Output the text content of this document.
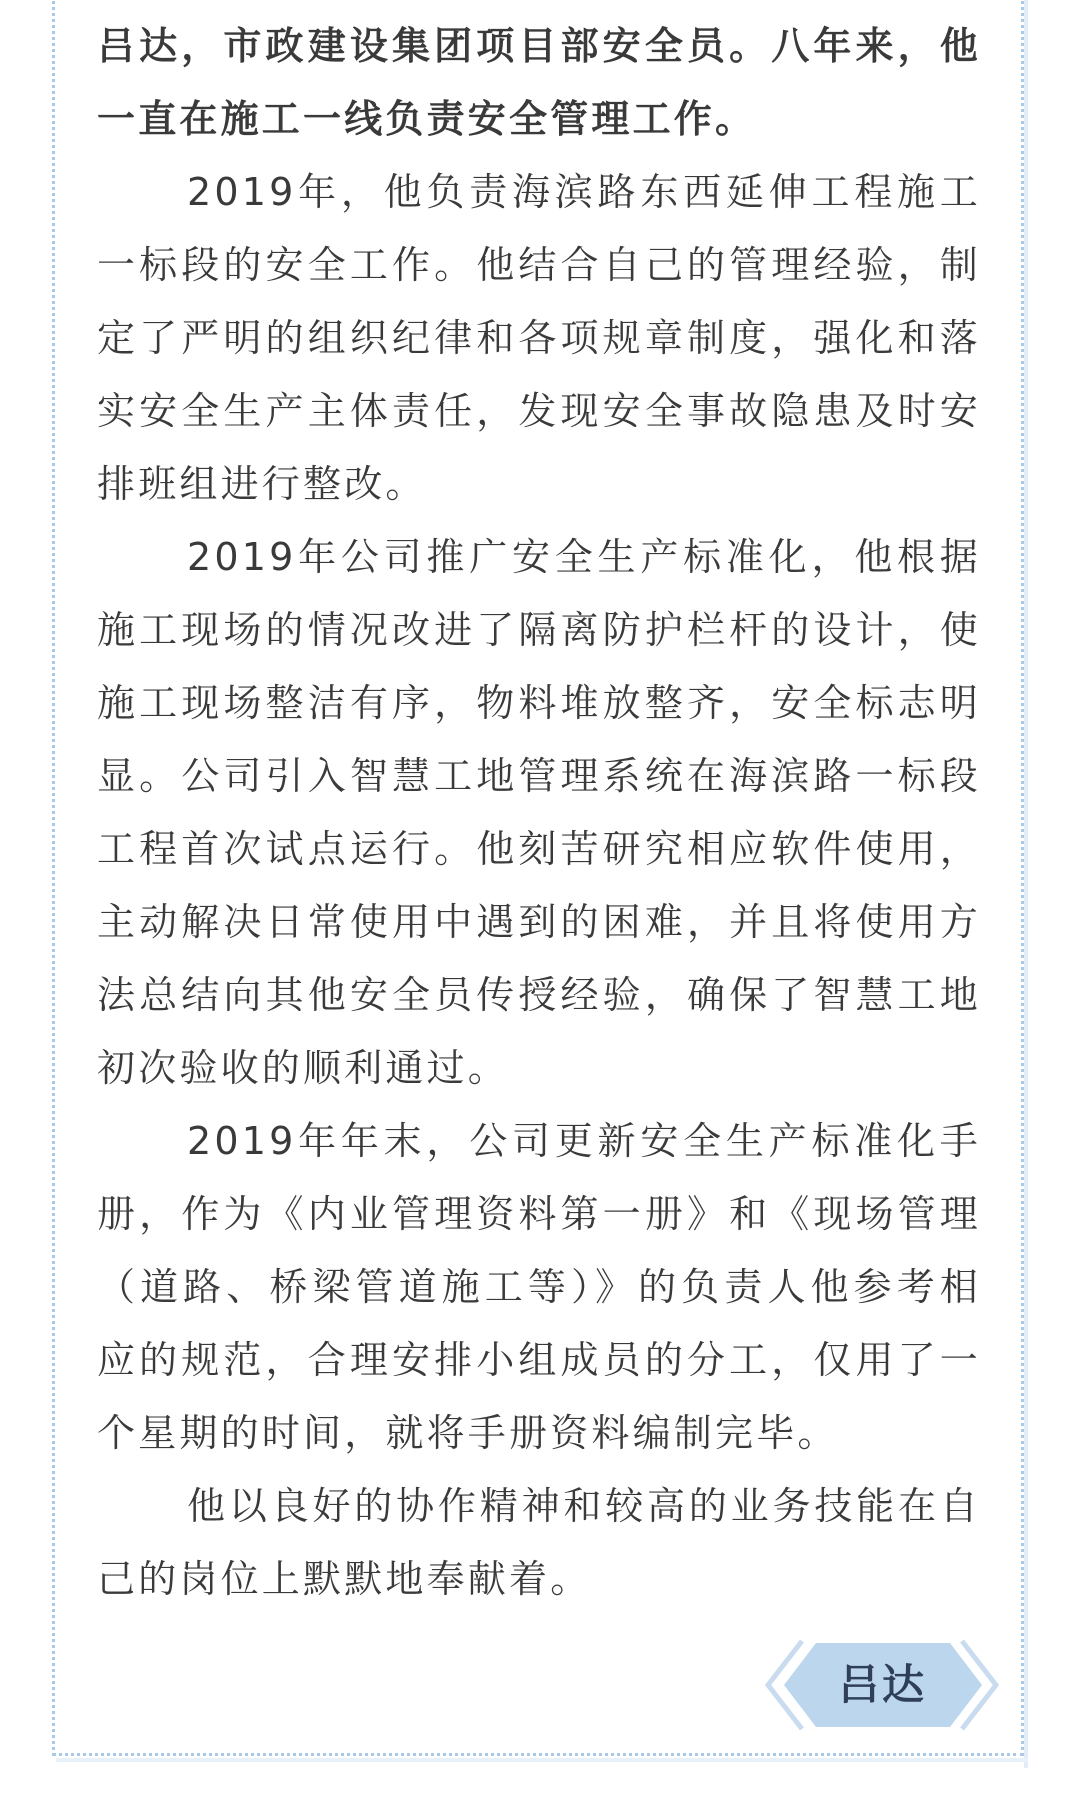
吕达，市政建设集团项目部安全员。八年来，他一直在施工一线负责安全管理工作。

2019年，他负责海滨路东西延伸工程施工一标段的安全工作。他结合自己的管理经验，制定了严明的组织纪律和各项规章制度，强化和落实安全生产主体责任，发现安全事故隐患及时安排班组进行整改。

2019年公司推广安全生产标准化，他根据施工现场的情况改进了隔离防护栏杆的设计，使施工现场整洁有序，物料堆放整齐，安全标志明显。公司引入智慧工地管理系统在海滨路一标段工程首次试点运行。他刻苦研究相应软件使用，主动解决日常使用中遇到的困难，并且将使用方法总结向其他安全员传授经验，确保了智慧工地初次验收的顺利通过。

2019年年末，公司更新安全生产标准化手册，作为《内业管理资料第一册》和《现场管理（道路、桥梁管道施工等）》的负责人他参考相应的规范，合理安排小组成员的分工，仅用了一个星期的时间，就将手册资料编制完毕。

他以良好的协作精神和较高的业务技能在自己的岗位上默默地奉献着。

吕达
